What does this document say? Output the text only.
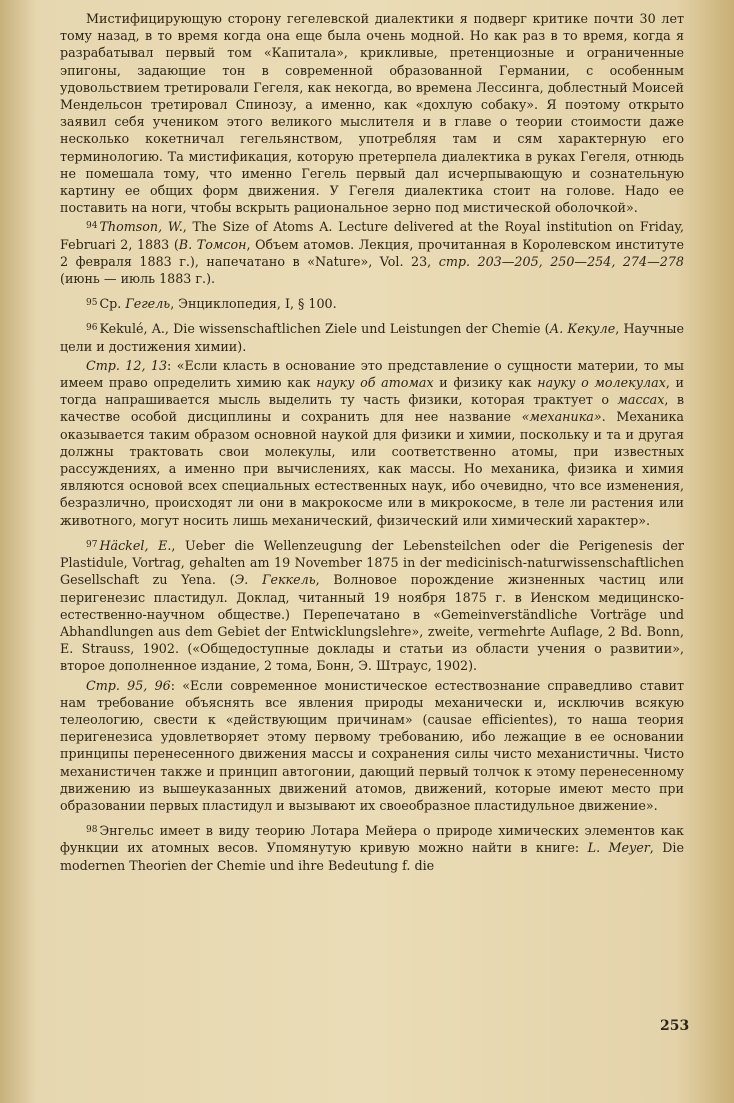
Мистифицирующую сторону гегелевской диалектики я подверг критике почти 30 лет тому назад, в то время когда она еще была очень модной. Но как раз в то время, когда я разрабатывал первый том «Капитала», крикливые, претенциозные и ограниченные эпигоны, задающие тон в современной образованной Германии, с особенным удовольствием третировали Гегеля, как некогда, во времена Лессинга, доблестный Моисей Мендельсон третировал Спинозу, а именно, как «дохлую собаку». Я поэтому открыто заявил себя учеником этого великого мыслителя и в главе о теории стоимости даже несколько кокетничал гегельянством, употребляя там и сям характерную его терминологию. Та мистификация, которую претерпела диалектика в руках Гегеля, отнюдь не помешала тому, что именно Гегель первый дал исчерпывающую и сознательную картину ее общих форм движения. У Гегеля диалектика стоит на голове. Надо ее поставить на ноги, чтобы вскрыть рациональное зерно под мистической оболочкой».

$^{94}$ Thomson, W., The Size of Atoms A. Lecture delivered at the Royal institution on Friday, Februari 2, 1883 (В. Томсон, Объем атомов. Лекция, прочитанная в Королевском институте 2 февраля 1883 г.), напечатано в «Nature», Vol. 23, стр. 203—205, 250—254, 274—278 (июнь — июль 1883 г.).

$^{95}$ Ср. Гегель, Энциклопедия, I, § 100.

$^{96}$ Kekulé, A., Die wissenschaftlichen Ziele und Leistungen der Chemie (А. Кекуле, Научные цели и достижения химии).

Стр. 12, 13: «Если класть в основание это представление о сущности материи, то мы имеем право определить химию как науку об атомах и физику как науку о молекулах, и тогда напрашивается мысль выделить ту часть физики, которая трактует о массах, в качестве особой дисциплины и сохранить для нее название «механика». Механика оказывается таким образом основной наукой для физики и химии, поскольку и та и другая должны трактовать свои молекулы, или соответственно атомы, при известных рассуждениях, а именно при вычислениях, как массы. Но механика, физика и химия являются основой всех специальных естественных наук, ибо очевидно, что все изменения, безразлично, происходят ли они в макрокосме или в микрокосме, в теле ли растения или животного, могут носить лишь механический, физический или химический характер».

$^{97}$ Häckel, E., Ueber die Wellenzeugung der Lebensteilchen oder die Perigenesis der Plastidule, Vortrag, gehalten am 19 November 1875 in der medicinisch-naturwissenschaftlichen Gesellschaft zu Yena. (Э. Геккель, Волновое порождение жизненных частиц или перигенезис пластидул. Доклад, читанный 19 ноября 1875 г. в Иенском медицинско-естественно-научном обществе.) Перепечатано в «Gemeinverständliche Vorträge und Abhandlungen aus dem Gebiet der Entwicklungslehre», zweite, vermehrte Auflage, 2 Bd. Bonn, E. Strauss, 1902. («Общедоступные доклады и статьи из области учения о развитии», второе дополненное издание, 2 тома, Бонн, Э. Штраус, 1902).

Стр. 95, 96: «Если современное монистическое естествознание справедливо ставит нам требование объяснять все явления природы механически и, исключив всякую телеологию, свести к «действующим причинам» (causae efficientes), то наша теория перигенезиса удовлетворяет этому первому требованию, ибо лежащие в ее основании принципы перенесенного движения массы и сохранения силы чисто механистичны. Чисто механистичен также и принцип автогонии, дающий первый толчок к этому перенесенному движению из вышеуказанных движений атомов, движений, которые имеют место при образовании первых пластидул и вызывают их своеобразное пластидульное движение».

$^{98}$ Энгельс имеет в виду теорию Лотара Мейера о природе химических элементов как функции их атомных весов. Упомянутую кривую можно найти в книге: L. Meyer, Die modernen Theorien der Chemie und ihre Bedeutung f. die

253
